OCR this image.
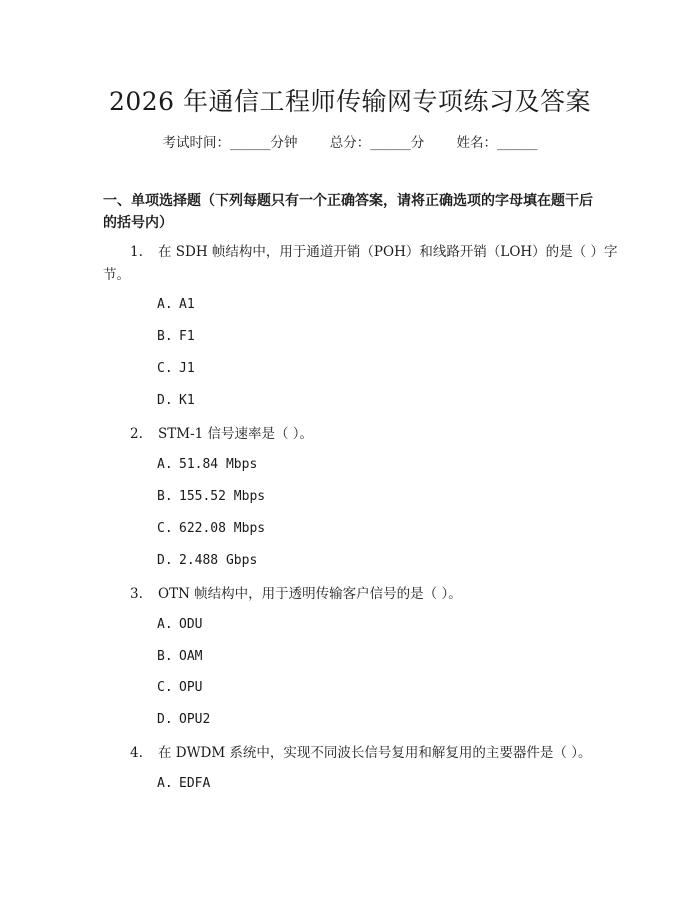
2026 年通信工程师传输网专项练习及答案
考试时间：______分钟 总分：______分 姓名：______
一、单项选择题（下列每题只有一个正确答案，请将正确选项的字母填在题干后的括号内）
1. 在 SDH 帧结构中，用于通道开销（POH）和线路开销（LOH）的是（ ）字
节。
A. A1
B. F1
C. J1
D. K1
2. STM-1 信号速率是（ ）。
A. 51.84 Mbps
B. 155.52 Mbps
C. 622.08 Mbps
D. 2.488 Gbps
3. OTN 帧结构中，用于透明传输客户信号的是（ ）。
A. ODU
B. OAM
C. OPU
D. OPU2
4. 在 DWDM 系统中，实现不同波长信号复用和解复用的主要器件是（ ）。
A. EDFA
